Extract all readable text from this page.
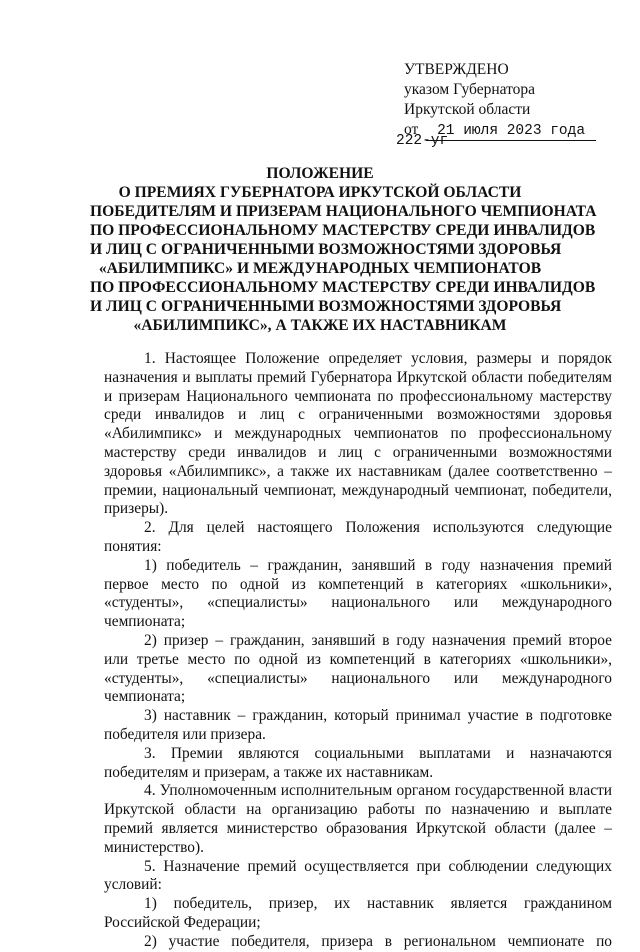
УТВЕРЖДЕНО
указом Губернатора
Иркутской области
от 21 июля 2023 года
222-уг
ПОЛОЖЕНИЕ
О ПРЕМИЯХ ГУБЕРНАТОРА ИРКУТСКОЙ ОБЛАСТИ
ПОБЕДИТЕЛЯМ И ПРИЗЕРАМ НАЦИОНАЛЬНОГО ЧЕМПИОНАТА
ПО ПРОФЕССИОНАЛЬНОМУ МАСТЕРСТВУ СРЕДИ ИНВАЛИДОВ
И ЛИЦ С ОГРАНИЧЕННЫМИ ВОЗМОЖНОСТЯМИ ЗДОРОВЬЯ
«АБИЛИМПИКС» И МЕЖДУНАРОДНЫХ ЧЕМПИОНАТОВ
ПО ПРОФЕССИОНАЛЬНОМУ МАСТЕРСТВУ СРЕДИ ИНВАЛИДОВ
И ЛИЦ С ОГРАНИЧЕННЫМИ ВОЗМОЖНОСТЯМИ ЗДОРОВЬЯ
«АБИЛИМПИКС», А ТАКЖЕ ИХ НАСТАВНИКАМ

1. Настоящее Положение определяет условия, размеры и порядок назначения и выплаты премий Губернатора Иркутской области победителям и призерам Национального чемпионата по профессиональному мастерству среди инвалидов и лиц с ограниченными возможностями здоровья «Абилимпикс» и международных чемпионатов по профессиональному мастерству среди инвалидов и лиц с ограниченными возможностями здоровья «Абилимпикс», а также их наставникам (далее соответственно – премии, национальный чемпионат, международный чемпионат, победители, призеры).

2. Для целей настоящего Положения используются следующие понятия:

1) победитель – гражданин, занявший в году назначения премий первое место по одной из компетенций в категориях «школьники», «студенты», «специалисты» национального или международного чемпионата;

2) призер – гражданин, занявший в году назначения премий второе или третье место по одной из компетенций в категориях «школьники», «студенты», «специалисты» национального или международного чемпионата;

3) наставник – гражданин, который принимал участие в подготовке победителя или призера.

3. Премии являются социальными выплатами и назначаются победителям и призерам, а также их наставникам.

4. Уполномоченным исполнительным органом государственной власти Иркутской области на организацию работы по назначению и выплате премий является министерство образования Иркутской области (далее – министерство).

5. Назначение премий осуществляется при соблюдении следующих условий:

1) победитель, призер, их наставник является гражданином Российской Федерации;

2) участие победителя, призера в региональном чемпионате по
